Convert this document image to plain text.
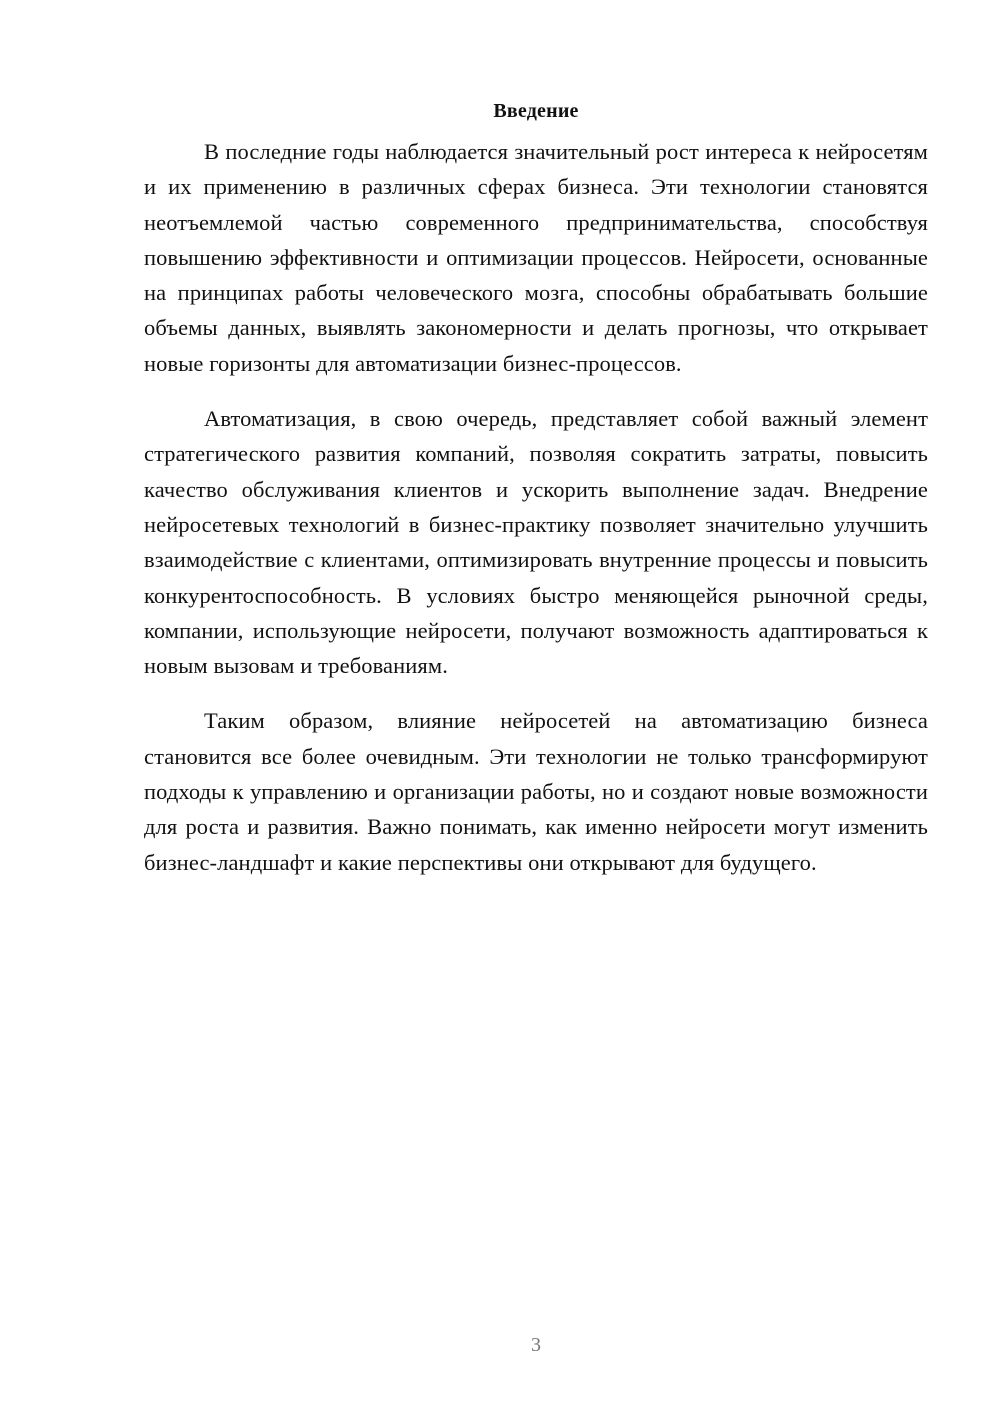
Введение

В последние годы наблюдается значительный рост интереса к нейросетям и их применению в различных сферах бизнеса. Эти технологии становятся неотъемлемой частью современного предпринимательства, способствуя повышению эффективности и оптимизации процессов. Нейросети, основанные на принципах работы человеческого мозга, способны обрабатывать большие объемы данных, выявлять закономерности и делать прогнозы, что открывает новые горизонты для автоматизации бизнес-процессов.

Автоматизация, в свою очередь, представляет собой важный элемент стратегического развития компаний, позволяя сократить затраты, повысить качество обслуживания клиентов и ускорить выполнение задач. Внедрение нейросетевых технологий в бизнес-практику позволяет значительно улучшить взаимодействие с клиентами, оптимизировать внутренние процессы и повысить конкурентоспособность. В условиях быстро меняющейся рыночной среды, компании, использующие нейросети, получают возможность адаптироваться к новым вызовам и требованиям.

Таким образом, влияние нейросетей на автоматизацию бизнеса становится все более очевидным. Эти технологии не только трансформируют подходы к управлению и организации работы, но и создают новые возможности для роста и развития. Важно понимать, как именно нейросети могут изменить бизнес-ландшафт и какие перспективы они открывают для будущего.

3
